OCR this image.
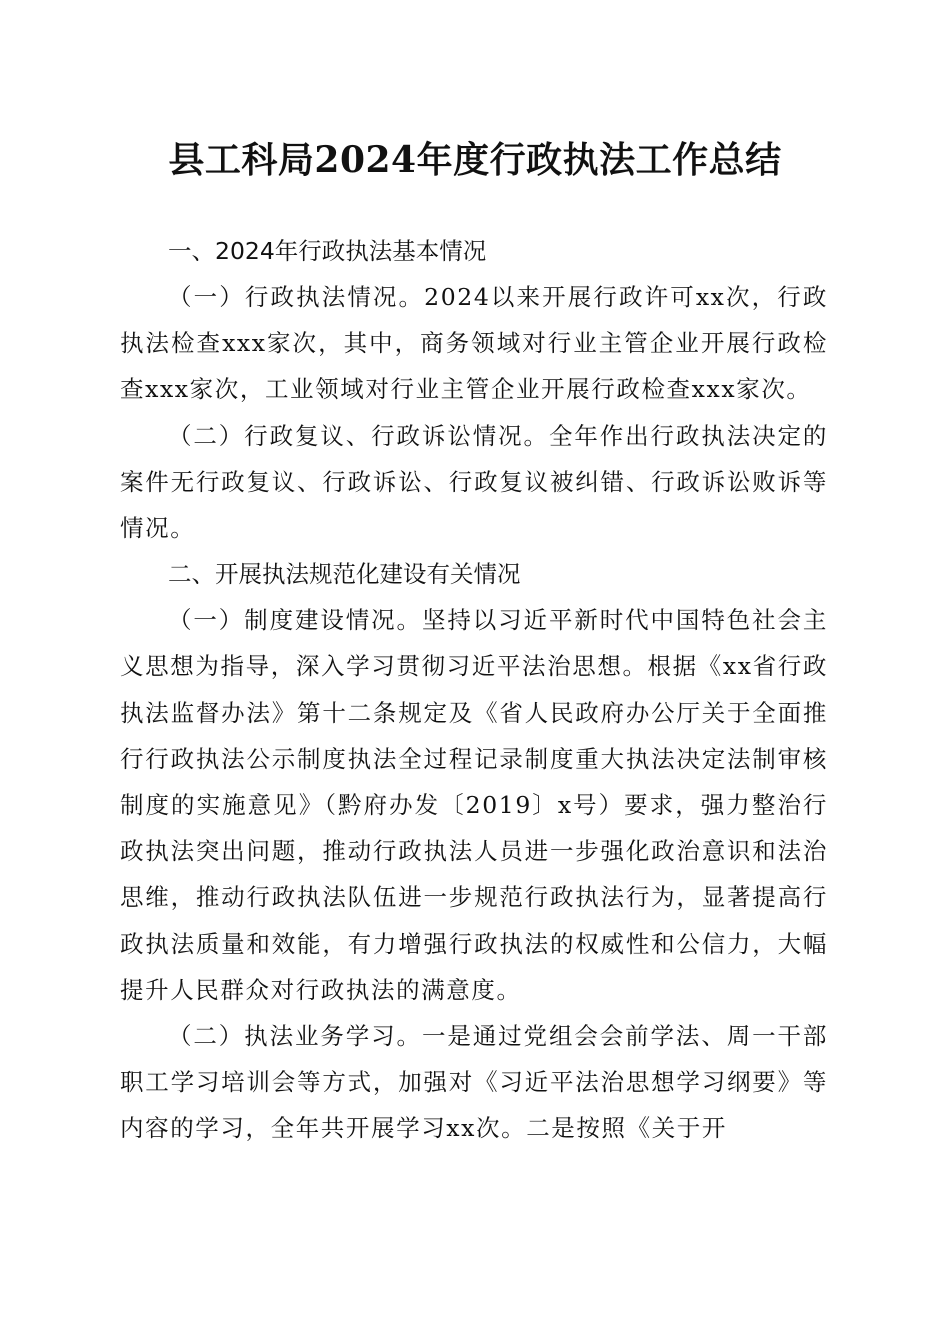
县工科局2024年度行政执法工作总结

一、2024年行政执法基本情况

（一）行政执法情况。2024以来开展行政许可xx次，行政执法检查xxx家次，其中，商务领域对行业主管企业开展行政检查xxx家次，工业领域对行业主管企业开展行政检查xxx家次。

（二）行政复议、行政诉讼情况。全年作出行政执法决定的案件无行政复议、行政诉讼、行政复议被纠错、行政诉讼败诉等情况。

二、开展执法规范化建设有关情况

（一）制度建设情况。坚持以习近平新时代中国特色社会主义思想为指导，深入学习贯彻习近平法治思想。根据《xx省行政执法监督办法》第十二条规定及《省人民政府办公厅关于全面推行行政执法公示制度执法全过程记录制度重大执法决定法制审核制度的实施意见》（黔府办发〔2019〕x号）要求，强力整治行政执法突出问题，推动行政执法人员进一步强化政治意识和法治思维，推动行政执法队伍进一步规范行政执法行为，显著提高行政执法质量和效能，有力增强行政执法的权威性和公信力，大幅提升人民群众对行政执法的满意度。

（二）执法业务学习。一是通过党组会会前学法、周一干部职工学习培训会等方式，加强对《习近平法治思想学习纲要》等内容的学习，全年共开展学习xx次。二是按照《关于开
